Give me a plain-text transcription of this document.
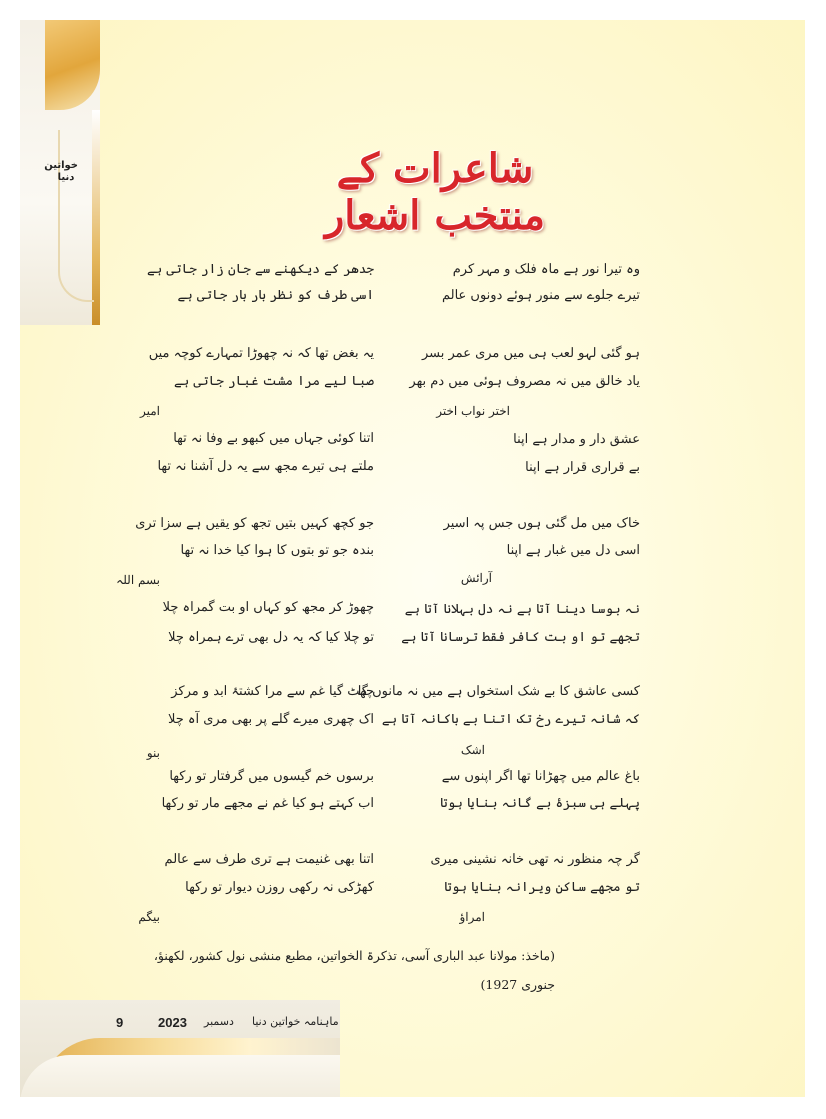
خواتین دنیا	شاعرات کے منتخب اشعار
وہ تیرا نور ہے ماہ فلک و مہر کرم
تیرے جلوے سے منور ہوئے دونوں عالم
ہو گئی لہو لعب ہی میں مری عمر بسر
یاد خالق میں نہ مصروف ہوئی میں دم بھر
اختر نواب اختر
عشق دار و مدار ہے اپنا
بے قراری قرار ہے اپنا
خاک میں مل گئی ہوں جس پہ اسیر
اسی دل میں غبار ہے اپنا
آرائش
نہ بوسا دینا آتا ہے نہ دل بہلانا آتا ہے
تجھے تو او بت کافر فقط ترسانا آتا ہے
کسی عاشق کا بے شک استخواں ہے میں نہ مانوں گا
کہ شانہ تیرے رخ تک اتنا بے باکانہ آتا ہے
اشک
باغ عالم میں چھڑانا تھا اگر اپنوں سے
پہلے ہی سبزۂ بے گانہ بنایا ہوتا
گر چہ منظور نہ تھی خانہ نشینی میری
تو مجھے ساکن ویرانہ بنایا ہوتا
امراؤ
جدھر کے دیکھنے سے جان زار جاتی ہے
اسی طرف کو نظر بار بار جاتی ہے
یہ بغض تھا کہ نہ چھوڑا تمہارے کوچہ میں
صبا لیے مرا مشت غبار جاتی ہے
امیر
اتنا کوئی جہاں میں کبھو بے وفا نہ تھا
ملتے ہی تیرے مجھ سے یہ دل آشنا نہ تھا
جو کچھ کہیں بتیں تجھ کو یقیں ہے سزا تری
بندہ جو تو بتوں کا ہوا کیا خدا نہ تھا
بسم اللہ
چھوڑ کر مجھ کو کہاں او بت گمراہ چلا
تو چلا کیا کہ یہ دل بھی ترے ہمراہ چلا
چھٹ گیا غم سے مرا کشتۂ ابد و مرکز
اک چھری میرے گلے پر بھی مری آہ چلا
بنو
برسوں خم گیسوں میں گرفتار تو رکھا
اب کہتے ہو کیا غم نے مجھے مار تو رکھا
اتنا بھی غنیمت ہے تری طرف سے عالم
کھڑکی نہ رکھی روزن دیوار تو رکھا
بیگم
(ماخذ: مولانا عبد الباری آسی، تذکرۃ الخواتین، مطبع منشی نول کشور، لکھنؤ،
جنوری 1927)
ماہنامہ خواتین دنیا
دسمبر
2023
9
